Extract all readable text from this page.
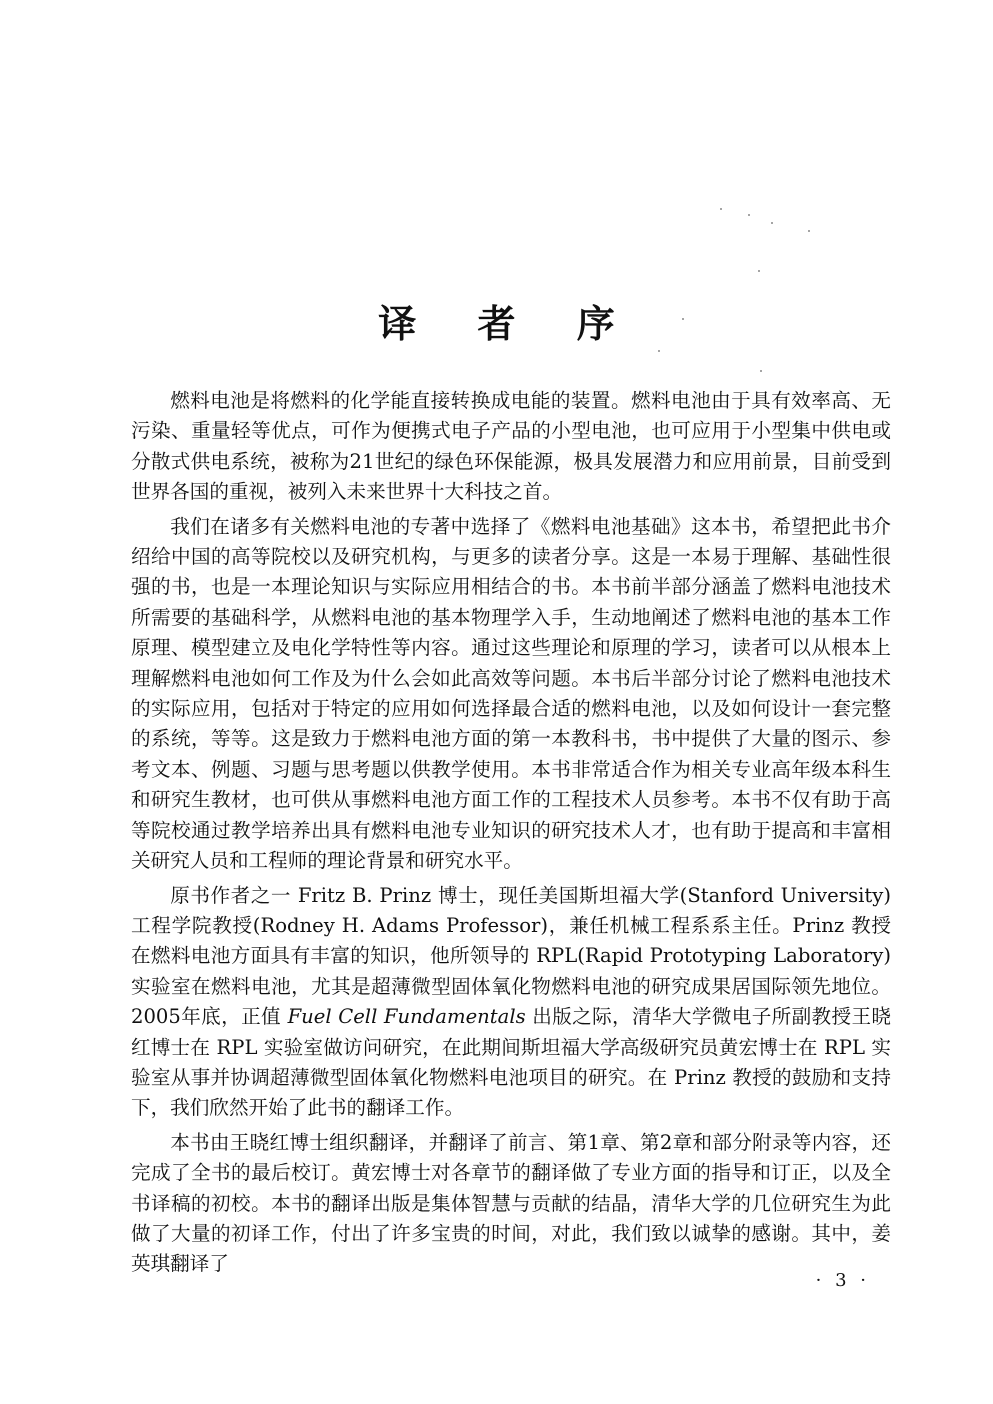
译 者 序

燃料电池是将燃料的化学能直接转换成电能的装置。燃料电池由于具有效率高、无污染、重量轻等优点，可作为便携式电子产品的小型电池，也可应用于小型集中供电或分散式供电系统，被称为21世纪的绿色环保能源，极具发展潜力和应用前景，目前受到世界各国的重视，被列入未来世界十大科技之首。

我们在诸多有关燃料电池的专著中选择了《燃料电池基础》这本书，希望把此书介绍给中国的高等院校以及研究机构，与更多的读者分享。这是一本易于理解、基础性很强的书，也是一本理论知识与实际应用相结合的书。本书前半部分涵盖了燃料电池技术所需要的基础科学，从燃料电池的基本物理学入手，生动地阐述了燃料电池的基本工作原理、模型建立及电化学特性等内容。通过这些理论和原理的学习，读者可以从根本上理解燃料电池如何工作及为什么会如此高效等问题。本书后半部分讨论了燃料电池技术的实际应用，包括对于特定的应用如何选择最合适的燃料电池，以及如何设计一套完整的系统，等等。这是致力于燃料电池方面的第一本教科书，书中提供了大量的图示、参考文本、例题、习题与思考题以供教学使用。本书非常适合作为相关专业高年级本科生和研究生教材，也可供从事燃料电池方面工作的工程技术人员参考。本书不仅有助于高等院校通过教学培养出具有燃料电池专业知识的研究技术人才，也有助于提高和丰富相关研究人员和工程师的理论背景和研究水平。

原书作者之一 Fritz B. Prinz 博士，现任美国斯坦福大学(Stanford University)工程学院教授(Rodney H. Adams Professor)，兼任机械工程系系主任。Prinz 教授在燃料电池方面具有丰富的知识，他所领导的 RPL(Rapid Prototyping Laboratory)实验室在燃料电池，尤其是超薄微型固体氧化物燃料电池的研究成果居国际领先地位。2005年底，正值 Fuel Cell Fundamentals 出版之际，清华大学微电子所副教授王晓红博士在 RPL 实验室做访问研究，在此期间斯坦福大学高级研究员黄宏博士在 RPL 实验室从事并协调超薄微型固体氧化物燃料电池项目的研究。在 Prinz 教授的鼓励和支持下，我们欣然开始了此书的翻译工作。

本书由王晓红博士组织翻译，并翻译了前言、第1章、第2章和部分附录等内容，还完成了全书的最后校订。黄宏博士对各章节的翻译做了专业方面的指导和订正，以及全书译稿的初校。本书的翻译出版是集体智慧与贡献的结晶，清华大学的几位研究生为此做了大量的初译工作，付出了许多宝贵的时间，对此，我们致以诚挚的感谢。其中，姜英琪翻译了

· 3 ·
